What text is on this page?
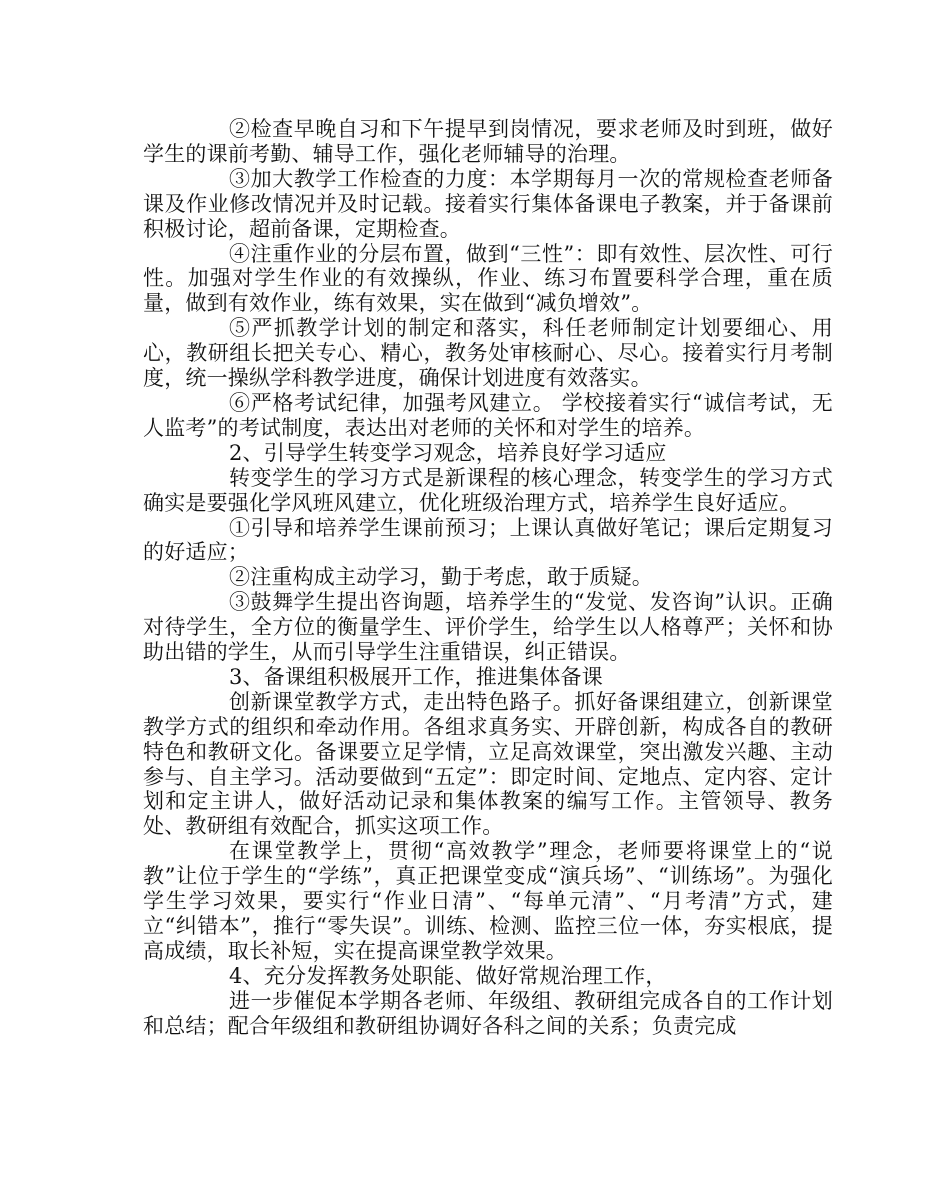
②检查早晚自习和下午提早到岗情况，要求老师及时到班，做好学生的课前考勤、辅导工作，强化老师辅导的治理。

③加大教学工作检查的力度：本学期每月一次的常规检查老师备课及作业修改情况并及时记载。接着实行集体备课电子教案，并于备课前积极讨论，超前备课，定期检查。

④注重作业的分层布置，做到“三性”：即有效性、层次性、可行性。加强对学生作业的有效操纵，作业、练习布置要科学合理，重在质量，做到有效作业，练有效果，实在做到“减负增效”。

⑤严抓教学计划的制定和落实，科任老师制定计划要细心、用心，教研组长把关专心、精心，教务处审核耐心、尽心。接着实行月考制度，统一操纵学科教学进度，确保计划进度有效落实。

⑥严格考试纪律，加强考风建立。 学校接着实行“诚信考试，无人监考”的考试制度，表达出对老师的关怀和对学生的培养。

2、引导学生转变学习观念，培养良好学习适应

转变学生的学习方式是新课程的核心理念，转变学生的学习方式确实是要强化学风班风建立，优化班级治理方式，培养学生良好适应。

①引导和培养学生课前预习；上课认真做好笔记；课后定期复习的好适应；

②注重构成主动学习，勤于考虑，敢于质疑。

③鼓舞学生提出咨询题，培养学生的“发觉、发咨询”认识。正确对待学生，全方位的衡量学生、评价学生，给学生以人格尊严；关怀和协助出错的学生，从而引导学生注重错误，纠正错误。

3、备课组积极展开工作，推进集体备课

创新课堂教学方式，走出特色路子。抓好备课组建立，创新课堂教学方式的组织和牵动作用。各组求真务实、开辟创新，构成各自的教研特色和教研文化。备课要立足学情，立足高效课堂，突出激发兴趣、主动参与、自主学习。活动要做到“五定”：即定时间、定地点、定内容、定计划和定主讲人，做好活动记录和集体教案的编写工作。主管领导、教务处、教研组有效配合，抓实这项工作。

在课堂教学上，贯彻“高效教学”理念，老师要将课堂上的“说教”让位于学生的“学练”，真正把课堂变成“演兵场”、“训练场”。为强化学生学习效果，要实行“作业日清”、“每单元清”、“月考清”方式，建立“纠错本”，推行“零失误”。训练、检测、监控三位一体，夯实根底，提高成绩，取长补短，实在提高课堂教学效果。

4、充分发挥教务处职能、做好常规治理工作，

进一步催促本学期各老师、年级组、教研组完成各自的工作计划和总结；配合年级组和教研组协调好各科之间的关系；负责完成
